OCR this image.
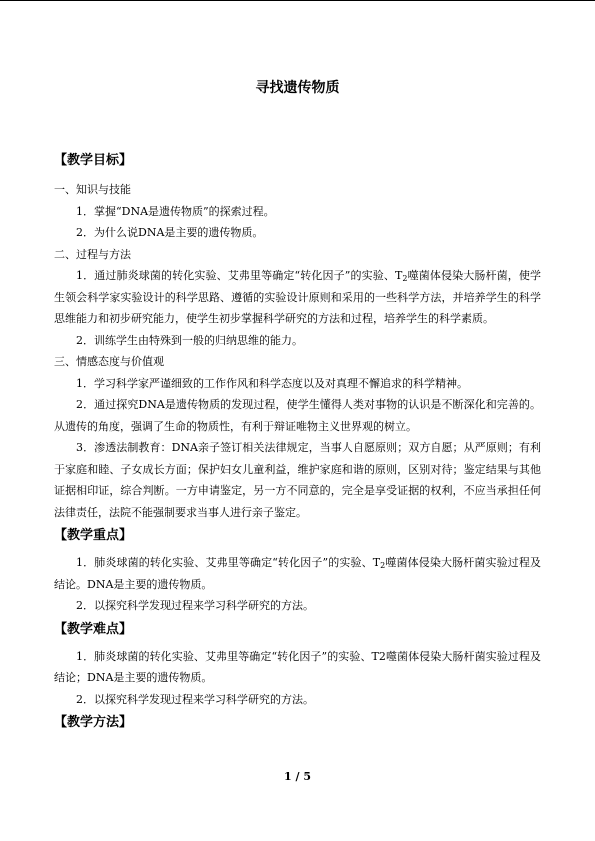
寻找遗传物质
【教学目标】

一、知识与技能

1．掌握“DNA是遗传物质”的探索过程。

2．为什么说DNA是主要的遗传物质。

二、过程与方法

1．通过肺炎球菌的转化实验、艾弗里等确定“转化因子”的实验、$T_2$噬菌体侵染大肠杆菌，使学生领会科学家实验设计的科学思路、遵循的实验设计原则和采用的一些科学方法，并培养学生的科学思维能力和初步研究能力，使学生初步掌握科学研究的方法和过程，培养学生的科学素质。

2．训练学生由特殊到一般的归纳思维的能力。

三、情感态度与价值观

1．学习科学家严谨细致的工作作风和科学态度以及对真理不懈追求的科学精神。

2．通过探究DNA是遗传物质的发现过程，使学生懂得人类对事物的认识是不断深化和完善的。从遗传的角度，强调了生命的物质性，有利于辩证唯物主义世界观的树立。

3．渗透法制教育：DNA亲子签订相关法律规定，当事人自愿原则；双方自愿；从严原则；有利于家庭和睦、子女成长方面；保护妇女儿童利益，维护家庭和谐的原则，区别对待；鉴定结果与其他证据相印证，综合判断。一方申请鉴定，另一方不同意的，完全是享受证据的权利，不应当承担任何法律责任，法院不能强制要求当事人进行亲子鉴定。

【教学重点】

1．肺炎球菌的转化实验、艾弗里等确定“转化因子”的实验、$T_2$噬菌体侵染大肠杆菌实验过程及结论。DNA是主要的遗传物质。

2．以探究科学发现过程来学习科学研究的方法。

【教学难点】

1．肺炎球菌的转化实验、艾弗里等确定“转化因子”的实验、T2噬菌体侵染大肠杆菌实验过程及结论；DNA是主要的遗传物质。

2．以探究科学发现过程来学习科学研究的方法。

【教学方法】
1 / 5
